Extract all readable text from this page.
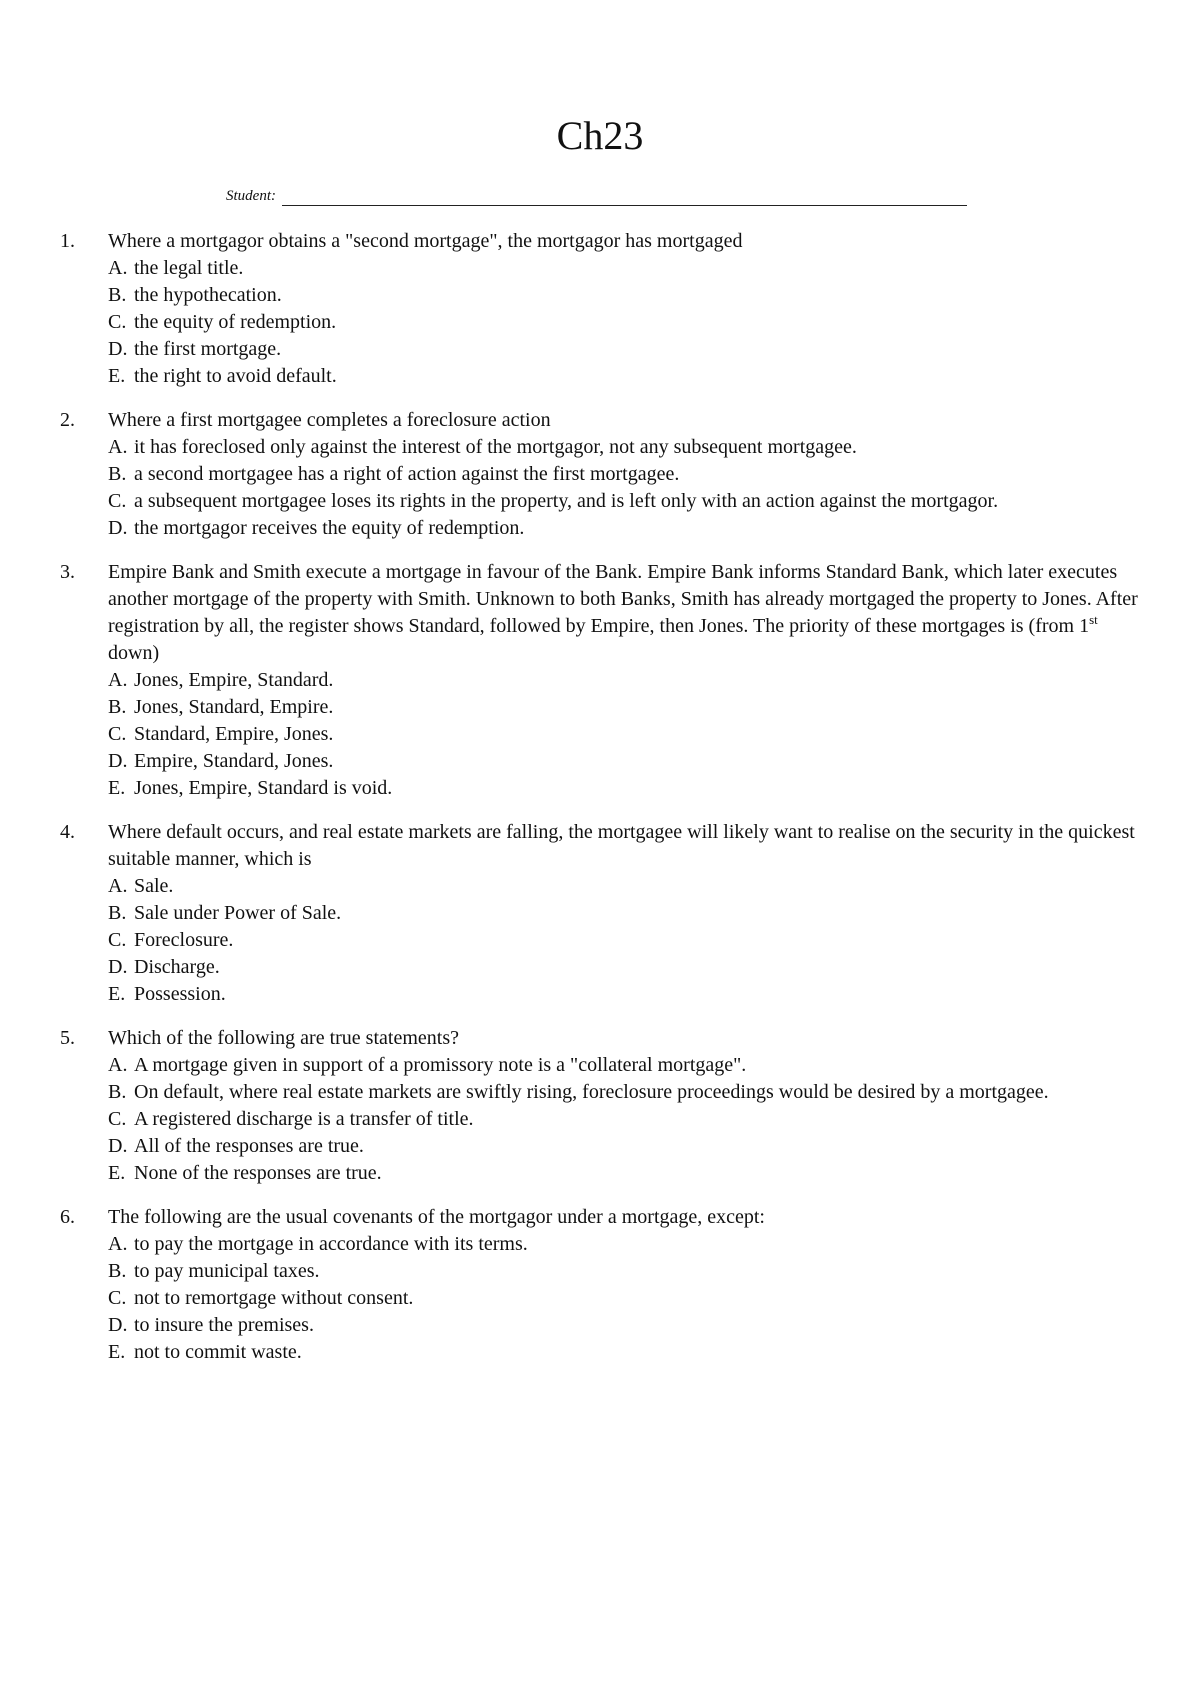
Ch23
Student:
1.	Where a mortgagor obtains a "second mortgage", the mortgagor has mortgaged
A. the legal title.
B. the hypothecation.
C. the equity of redemption.
D. the first mortgage.
E. the right to avoid default.
2.	Where a first mortgagee completes a foreclosure action
A. it has foreclosed only against the interest of the mortgagor, not any subsequent mortgagee.
B. a second mortgagee has a right of action against the first mortgagee.
C. a subsequent mortgagee loses its rights in the property, and is left only with an action against the mortgagor.
D. the mortgagor receives the equity of redemption.
3.	Empire Bank and Smith execute a mortgage in favour of the Bank. Empire Bank informs Standard Bank, which later executes another mortgage of the property with Smith. Unknown to both Banks, Smith has already mortgaged the property to Jones. After registration by all, the register shows Standard, followed by Empire, then Jones. The priority of these mortgages is (from 1st down)
A. Jones, Empire, Standard.
B. Jones, Standard, Empire.
C. Standard, Empire, Jones.
D. Empire, Standard, Jones.
E. Jones, Empire, Standard is void.
4.	Where default occurs, and real estate markets are falling, the mortgagee will likely want to realise on the security in the quickest suitable manner, which is
A. Sale.
B. Sale under Power of Sale.
C. Foreclosure.
D. Discharge.
E. Possession.
5.	Which of the following are true statements?
A. A mortgage given in support of a promissory note is a "collateral mortgage".
B. On default, where real estate markets are swiftly rising, foreclosure proceedings would be desired by a mortgagee.
C. A registered discharge is a transfer of title.
D. All of the responses are true.
E. None of the responses are true.
6.	The following are the usual covenants of the mortgagor under a mortgage, except:
A. to pay the mortgage in accordance with its terms.
B. to pay municipal taxes.
C. not to remortgage without consent.
D. to insure the premises.
E. not to commit waste.
